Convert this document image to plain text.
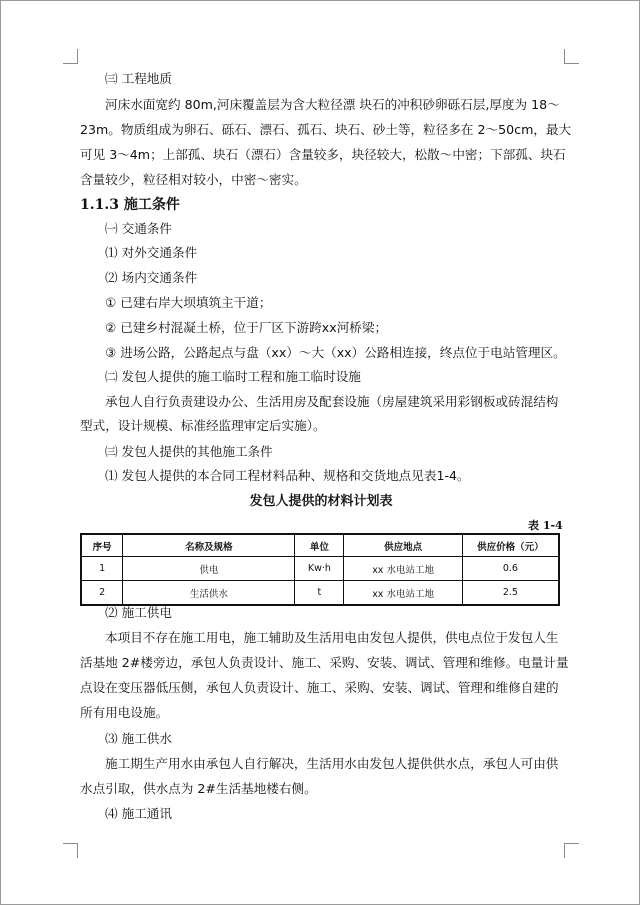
㈢ 工程地质
河床水面宽约 80m,河床覆盖层为含大粒径漂 块石的冲积砂卵砾石层,厚度为 18～
23m。物质组成为卵石、砾石、漂石、孤石、块石、砂土等，粒径多在 2～50cm，最大
可见 3～4m；上部孤、块石（漂石）含量较多，块径较大，松散～中密；下部孤、块石
含量较少，粒径相对较小，中密～密实。
1.1.3 施工条件
㈠ 交通条件
⑴ 对外交通条件
⑵ 场内交通条件
① 已建右岸大坝填筑主干道；
② 已建乡村混凝土桥，位于厂区下游跨xx河桥梁；
③ 进场公路，公路起点与盘（xx）～大（xx）公路相连接，终点位于电站管理区。
㈡ 发包人提供的施工临时工程和施工临时设施
承包人自行负责建设办公、生活用房及配套设施（房屋建筑采用彩钢板或砖混结构
型式，设计规模、标准经监理审定后实施）。
㈢ 发包人提供的其他施工条件
⑴ 发包人提供的本合同工程材料品种、规格和交货地点见表1-4。
发包人提供的材料计划表
表 1-4
序号	名称及规格	单位	供应地点	供应价格（元）
1	供电	Kw·h	xx 水电站工地	0.6
2	生活供水	t	xx 水电站工地	2.5
⑵ 施工供电
本项目不存在施工用电，施工辅助及生活用电由发包人提供，供电点位于发包人生
活基地 2#楼旁边，承包人负责设计、施工、采购、安装、调试、管理和维修。电量计量
点设在变压器低压侧，承包人负责设计、施工、采购、安装、调试、管理和维修自建的
所有用电设施。
⑶ 施工供水
施工期生产用水由承包人自行解决，生活用水由发包人提供供水点，承包人可由供
水点引取，供水点为 2#生活基地楼右侧。
⑷ 施工通讯
